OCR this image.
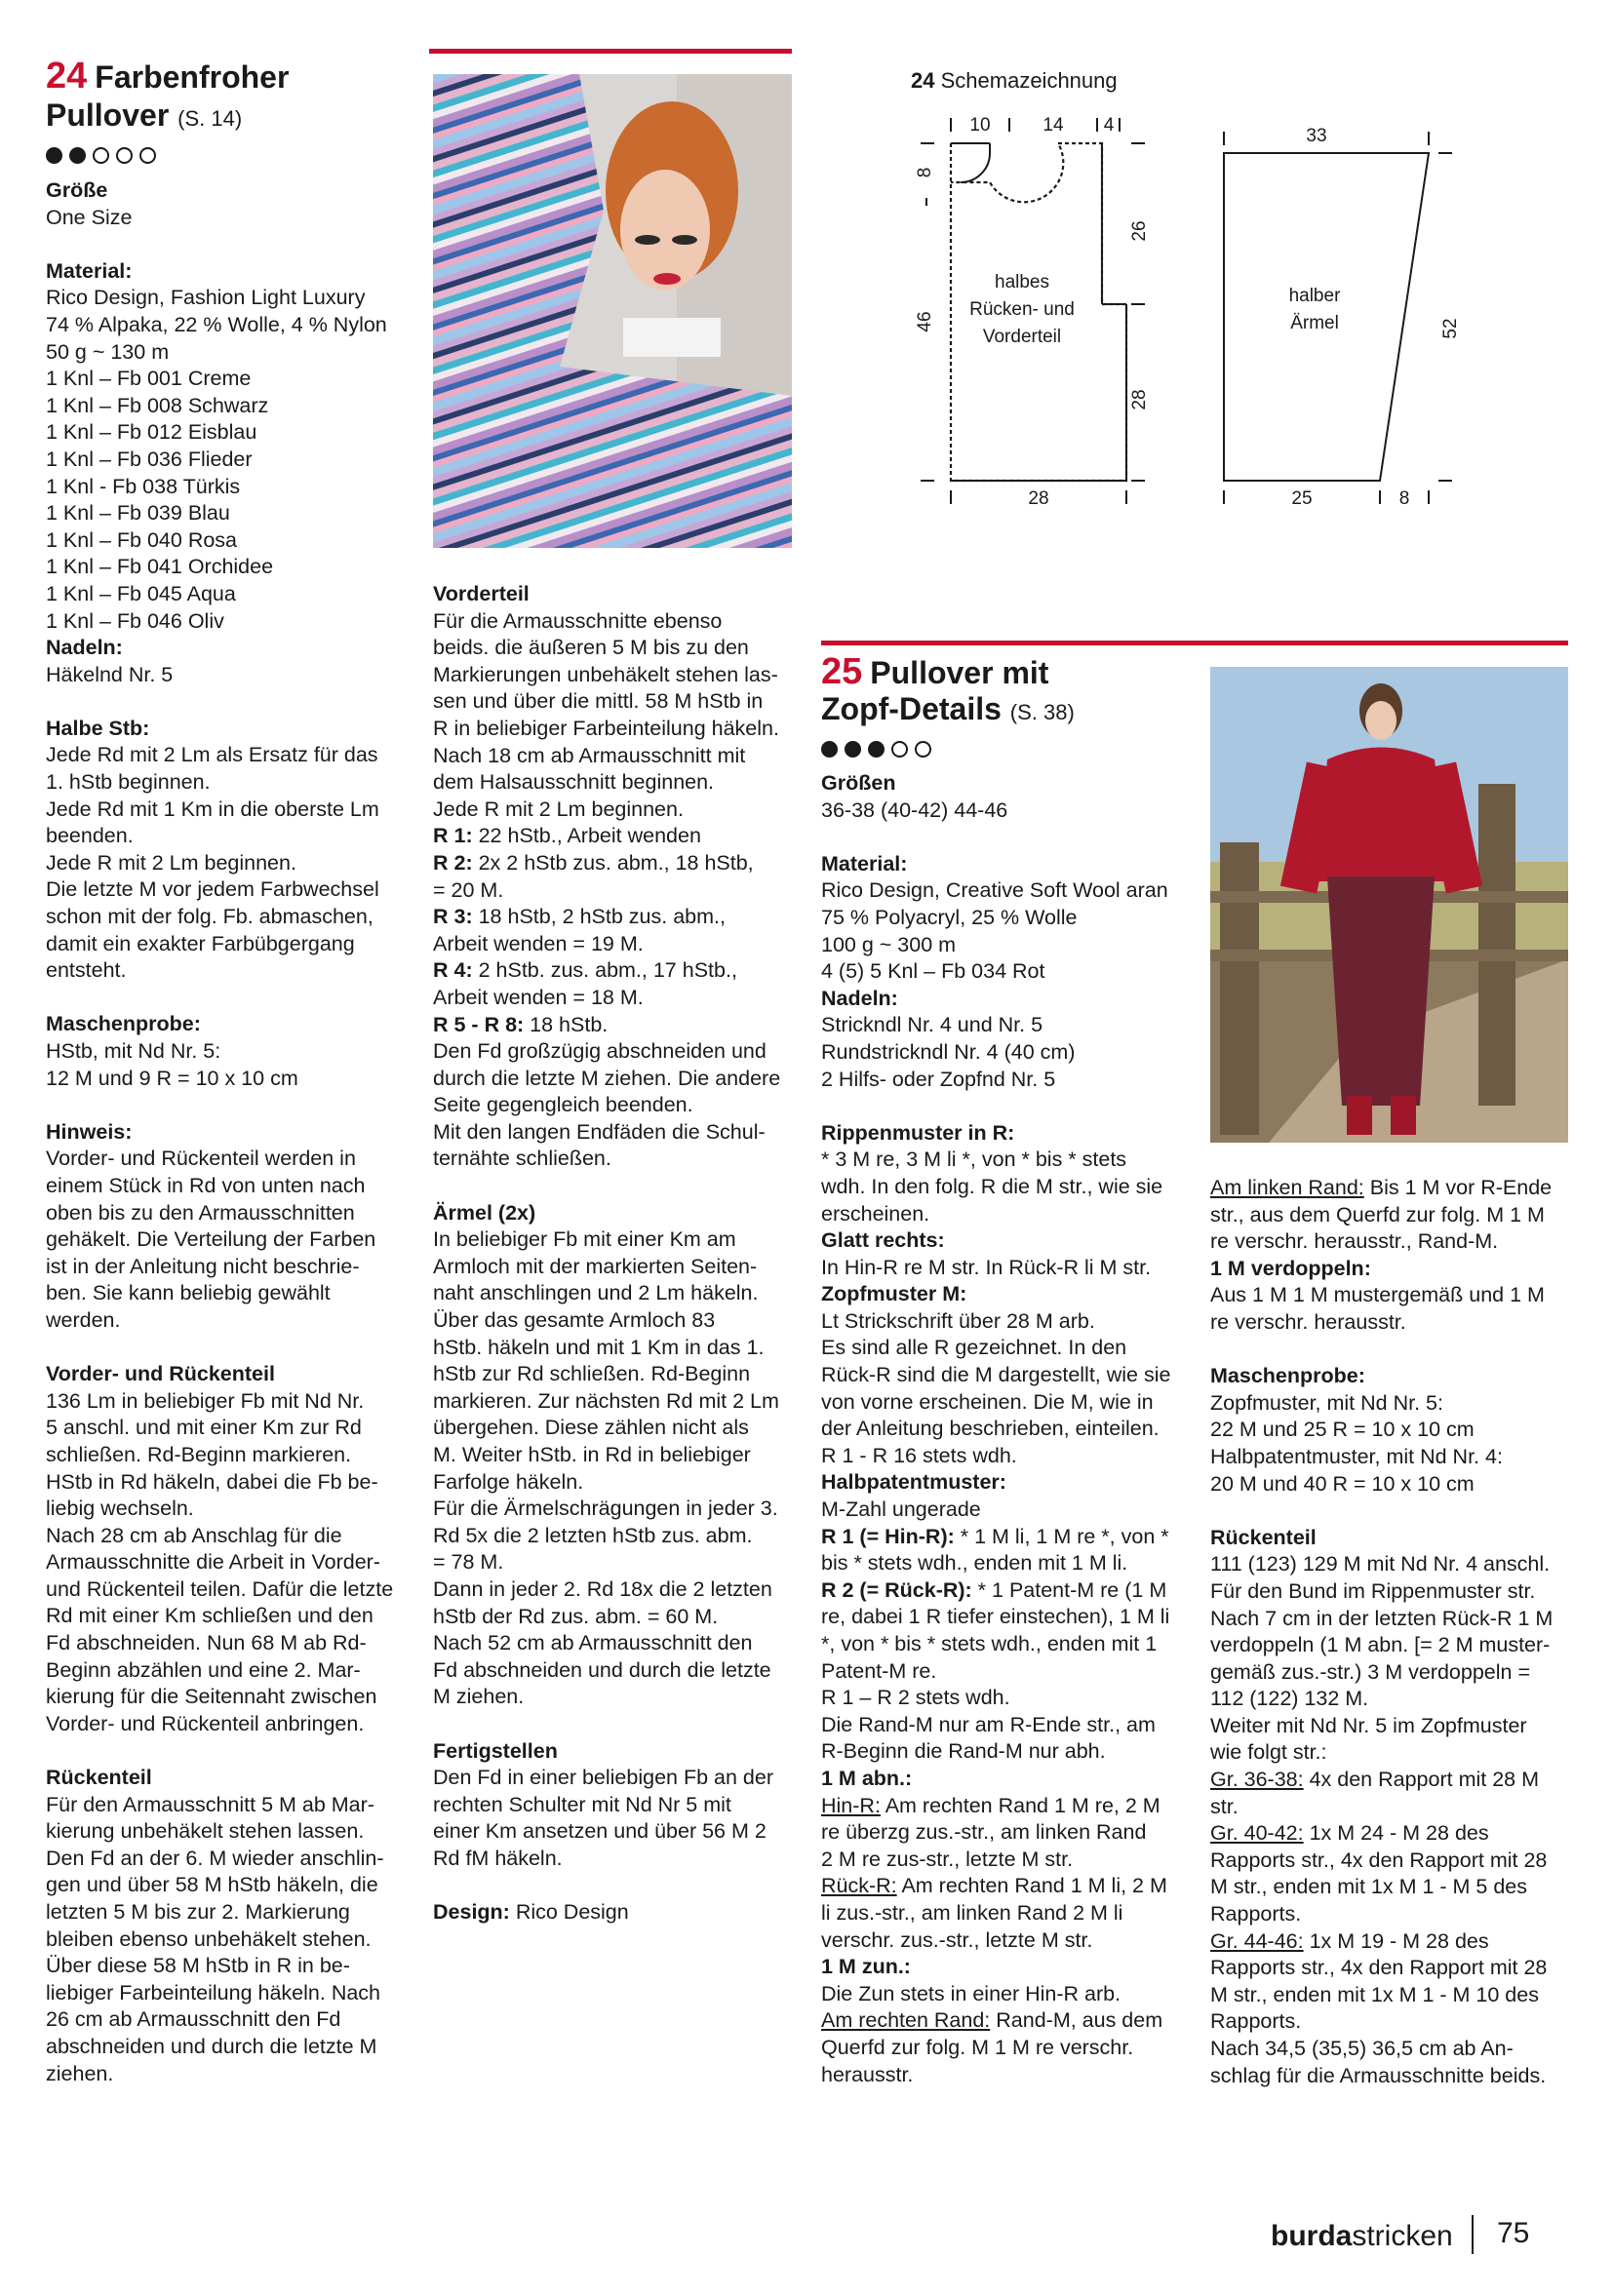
24 Farbenfroher
Pullover (S. 14)
Größe
One Size
Material:
Rico Design, Fashion Light Luxury
74 % Alpaka, 22 % Wolle, 4 % Nylon
50 g ~ 130 m
1 Knl – Fb 001 Creme
1 Knl – Fb 008 Schwarz
1 Knl – Fb 012 Eisblau
1 Knl – Fb 036 Flieder
1 Knl - Fb 038 Türkis
1 Knl – Fb 039 Blau
1 Knl – Fb 040 Rosa
1 Knl – Fb 041 Orchidee
1 Knl – Fb 045 Aqua
1 Knl – Fb 046 Oliv
Nadeln:
Häkelnd Nr. 5
Halbe Stb:
Jede Rd mit 2 Lm als Ersatz für das
1. hStb beginnen.
Jede Rd mit 1 Km in die oberste Lm
beenden.
Jede R mit 2 Lm beginnen.
Die letzte M vor jedem Farbwechsel
schon mit der folg. Fb. abmaschen,
damit ein exakter Farbübgergang
entsteht.
Maschenprobe:
HStb, mit Nd Nr. 5:
12 M und 9 R = 10 x 10 cm
Hinweis:
Vorder- und Rückenteil werden in
einem Stück in Rd von unten nach
oben bis zu den Armausschnitten
gehäkelt. Die Verteilung der Farben
ist in der Anleitung nicht beschrie-
ben. Sie kann beliebig gewählt
werden.
Vorder- und Rückenteil
136 Lm in beliebiger Fb mit Nd Nr.
5 anschl. und mit einer Km zur Rd
schließen. Rd-Beginn markieren.
HStb in Rd häkeln, dabei die Fb be-
liebig wechseln.
Nach 28 cm ab Anschlag für die
Armausschnitte die Arbeit in Vorder-
und Rückenteil teilen. Dafür die letzte
Rd mit einer Km schließen und den
Fd abschneiden. Nun 68 M ab Rd-
Beginn abzählen und eine 2. Mar-
kierung für die Seitennaht zwischen
Vorder- und Rückenteil anbringen.
Rückenteil
Für den Armausschnitt 5 M ab Mar-
kierung unbehäkelt stehen lassen.
Den Fd an der 6. M wieder anschlin-
gen und über 58 M hStb häkeln, die
letzten 5 M bis zur 2. Markierung
bleiben ebenso unbehäkelt stehen.
Über diese 58 M hStb in R in be-
liebiger Farbeinteilung häkeln. Nach
26 cm ab Armausschnitt den Fd
abschneiden und durch die letzte M
ziehen.
Vorderteil
Für die Armausschnitte ebenso
beids. die äußeren 5 M bis zu den
Markierungen unbehäkelt stehen las-
sen und über die mittl. 58 M hStb in
R in beliebiger Farbeinteilung häkeln.
Nach 18 cm ab Armausschnitt mit
dem Halsausschnitt beginnen.
Jede R mit 2 Lm beginnen.
R 1: 22 hStb., Arbeit wenden
R 2: 2x 2 hStb zus. abm., 18 hStb,
= 20 M.
R 3: 18 hStb, 2 hStb zus. abm.,
Arbeit wenden = 19 M.
R 4: 2 hStb. zus. abm., 17 hStb.,
Arbeit wenden = 18 M.
R 5 - R 8: 18 hStb.
Den Fd großzügig abschneiden und
durch die letzte M ziehen. Die andere
Seite gegengleich beenden.
Mit den langen Endfäden die Schul-
ternähte schließen.
Ärmel (2x)
In beliebiger Fb mit einer Km am
Armloch mit der markierten Seiten-
naht anschlingen und 2 Lm häkeln.
Über das gesamte Armloch 83
hStb. häkeln und mit 1 Km in das 1.
hStb zur Rd schließen. Rd-Beginn
markieren. Zur nächsten Rd mit 2 Lm
übergehen. Diese zählen nicht als
M. Weiter hStb. in Rd in beliebiger
Farfolge häkeln.
Für die Ärmelschrägungen in jeder 3.
Rd 5x die 2 letzten hStb zus. abm.
= 78 M.
Dann in jeder 2. Rd 18x die 2 letzten
hStb der Rd zus. abm. = 60 M.
Nach 52 cm ab Armausschnitt den
Fd abschneiden und durch die letzte
M ziehen.
Fertigstellen
Den Fd in einer beliebigen Fb an der
rechten Schulter mit Nd Nr 5 mit
einer Km ansetzen und über 56 M 2
Rd fM häkeln.
Design: Rico Design
24 Schemazeichnung
halbes
Rücken- und
Vorderteil
10	14 4
8
46
26
28
28
halber
Ärmel
33
52
25	8
25 Pullover mit
Zopf-Details (S. 38)
Größen
36-38 (40-42) 44-46
Material:
Rico Design, Creative Soft Wool aran
75 % Polyacryl, 25 % Wolle
100 g ~ 300 m
4 (5) 5 Knl – Fb 034 Rot
Nadeln:
Strickndl Nr. 4 und Nr. 5
Rundstrickndl Nr. 4 (40 cm)
2 Hilfs- oder Zopfnd Nr. 5
Rippenmuster in R:
* 3 M re, 3 M li *, von * bis * stets
wdh. In den folg. R die M str., wie sie
erscheinen.
Glatt rechts:
In Hin-R re M str. In Rück-R li M str.
Zopfmuster M:
Lt Strickschrift über 28 M arb.
Es sind alle R gezeichnet. In den
Rück-R sind die M dargestellt, wie sie
von vorne erscheinen. Die M, wie in
der Anleitung beschrieben, einteilen.
R 1 - R 16 stets wdh.
Halbpatentmuster:
M-Zahl ungerade
R 1 (= Hin-R): * 1 M li, 1 M re *, von *
bis * stets wdh., enden mit 1 M li.
R 2 (= Rück-R): * 1 Patent-M re (1 M
re, dabei 1 R tiefer einstechen), 1 M li
*, von * bis * stets wdh., enden mit 1
Patent-M re.
R 1 – R 2 stets wdh.
Die Rand-M nur am R-Ende str., am
R-Beginn die Rand-M nur abh.
1 M abn.:
Hin-R: Am rechten Rand 1 M re, 2 M
re überzg zus.-str., am linken Rand
2 M re zus-str., letzte M str.
Rück-R: Am rechten Rand 1 M li, 2 M
li zus.-str., am linken Rand 2 M li
verschr. zus.-str., letzte M str.
1 M zun.:
Die Zun stets in einer Hin-R arb.
Am rechten Rand: Rand-M, aus dem
Querfd zur folg. M 1 M re verschr.
herausstr.
Am linken Rand: Bis 1 M vor R-Ende
str., aus dem Querfd zur folg. M 1 M
re verschr. herausstr., Rand-M.
1 M verdoppeln:
Aus 1 M 1 M mustergemäß und 1 M
re verschr. herausstr.
Maschenprobe:
Zopfmuster, mit Nd Nr. 5:
22 M und 25 R = 10 x 10 cm
Halbpatentmuster, mit Nd Nr. 4:
20 M und 40 R = 10 x 10 cm
Rückenteil
111 (123) 129 M mit Nd Nr. 4 anschl.
Für den Bund im Rippenmuster str.
Nach 7 cm in der letzten Rück-R 1 M
verdoppeln (1 M abn. [= 2 M muster-
gemäß zus.-str.) 3 M verdoppeln =
112 (122) 132 M.
Weiter mit Nd Nr. 5 im Zopfmuster
wie folgt str.:
Gr. 36-38: 4x den Rapport mit 28 M
str.
Gr. 40-42: 1x M 24 - M 28 des
Rapports str., 4x den Rapport mit 28
M str., enden mit 1x M 1 - M 5 des
Rapports.
Gr. 44-46: 1x M 19 - M 28 des
Rapports str., 4x den Rapport mit 28
M str., enden mit 1x M 1 - M 10 des
Rapports.
Nach 34,5 (35,5) 36,5 cm ab An-
schlag für die Armausschnitte beids.
burdastricken 75
